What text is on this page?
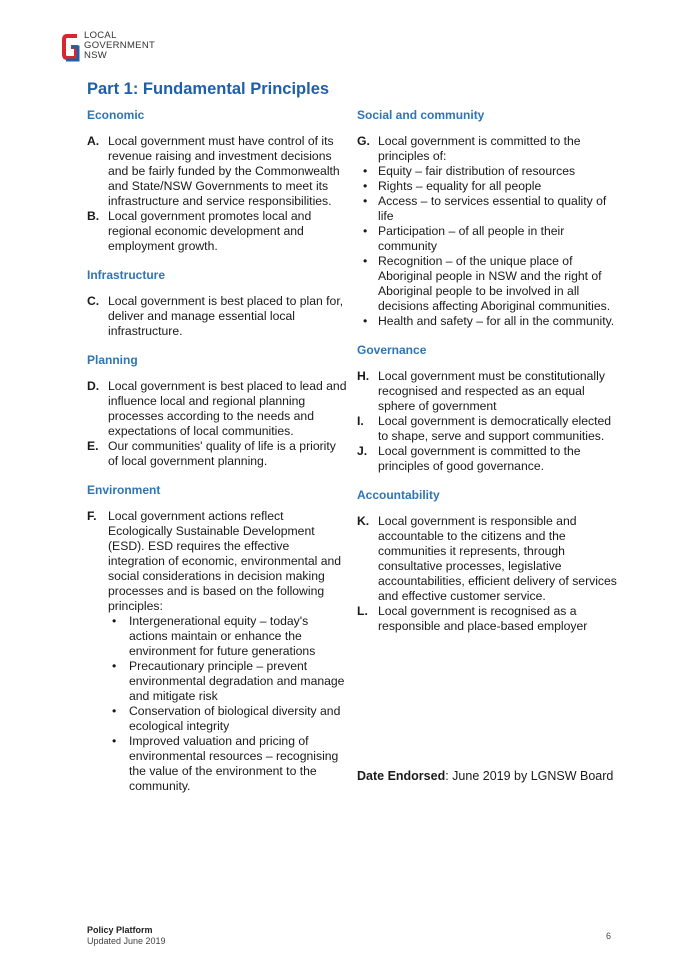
LOCAL
GOVERNMENT
NSW
Part 1: Fundamental Principles
Economic
A. Local government must have control of its revenue raising and investment decisions and be fairly funded by the Commonwealth and State/NSW Governments to meet its infrastructure and service responsibilities.
B. Local government promotes local and regional economic development and employment growth.
Infrastructure
C. Local government is best placed to plan for, deliver and manage essential local infrastructure.
Planning
D. Local government is best placed to lead and influence local and regional planning processes according to the needs and expectations of local communities.
E. Our communities' quality of life is a priority of local government planning.
Environment
F. Local government actions reflect Ecologically Sustainable Development (ESD). ESD requires the effective integration of economic, environmental and social considerations in decision making processes and is based on the following principles:
• Intergenerational equity – today's actions maintain or enhance the environment for future generations
• Precautionary principle – prevent environmental degradation and manage and mitigate risk
• Conservation of biological diversity and ecological integrity
• Improved valuation and pricing of environmental resources – recognising the value of the environment to the community.
Social and community
G. Local government is committed to the principles of:
• Equity – fair distribution of resources
• Rights – equality for all people
• Access – to services essential to quality of life
• Participation – of all people in their community
• Recognition – of the unique place of Aboriginal people in NSW and the right of Aboriginal people to be involved in all decisions affecting Aboriginal communities.
• Health and safety – for all in the community.
Governance
H. Local government must be constitutionally recognised and respected as an equal sphere of government
I. Local government is democratically elected to shape, serve and support communities.
J. Local government is committed to the principles of good governance.
Accountability
K. Local government is responsible and accountable to the citizens and the communities it represents, through consultative processes, legislative accountabilities, efficient delivery of services and effective customer service.
L. Local government is recognised as a responsible and place-based employer
Date Endorsed: June 2019 by LGNSW Board
Policy Platform
Updated June 2019	6
